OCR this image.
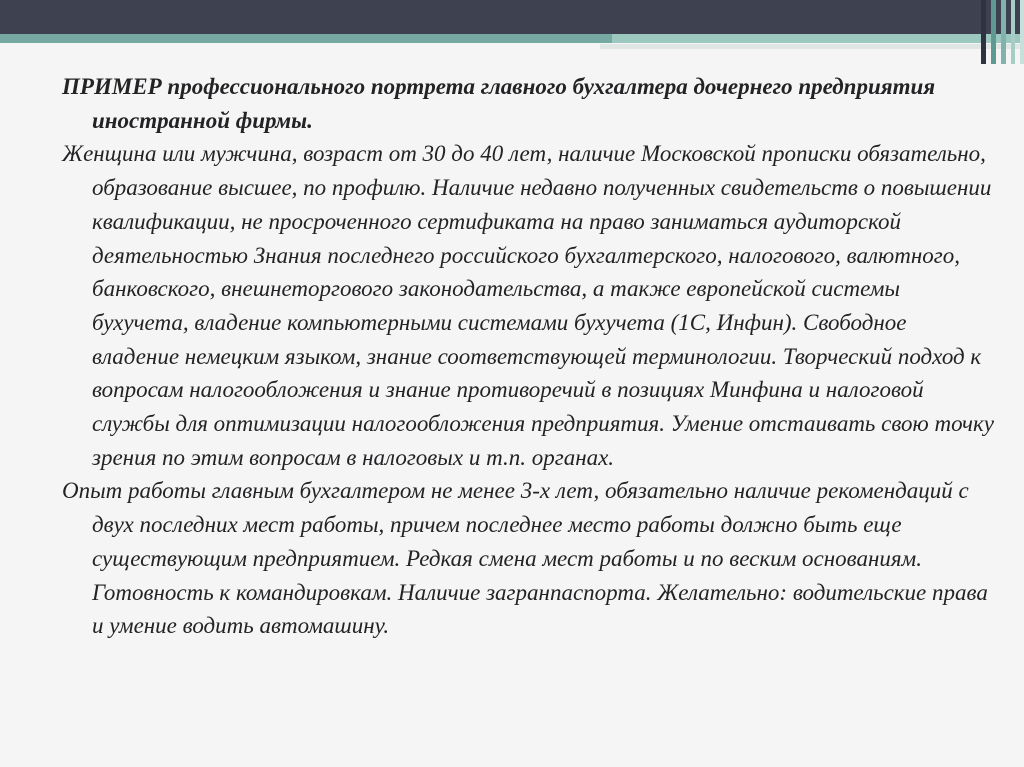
ПРИМЕР профессионального портрета главного бухгалтера дочернего предприятия иностранной фирмы.

Женщина или мужчина, возраст от 30 до 40 лет, наличие Московской прописки обязательно, образование высшее, по профилю. Наличие недавно полученных свидетельств о повышении квалификации, не просроченного сертификата на право заниматься аудиторской деятельностью Знания последнего российского бухгалтерского, налогового, валютного, банковского, внешнеторгового законодательства, а также европейской системы бухучета, владение компьютерными системами бухучета (1С, Инфин). Свободное владение немецким языком, знание соответствующей терминологии. Творческий подход к вопросам налогообложения и знание противоречий в позициях Минфина и налоговой службы для оптимизации налогообложения предприятия. Умение отстаивать свою точку зрения по этим вопросам в налоговых и т.п. органах.

Опыт работы главным бухгалтером не менее 3-х лет, обязательно наличие рекомендаций с двух последних мест работы, причем последнее место работы должно быть еще существующим предприятием. Редкая смена мест работы и по веским основаниям. Готовность к командировкам. Наличие загранпаспорта. Желательно: водительские права и умение водить автомашину.
